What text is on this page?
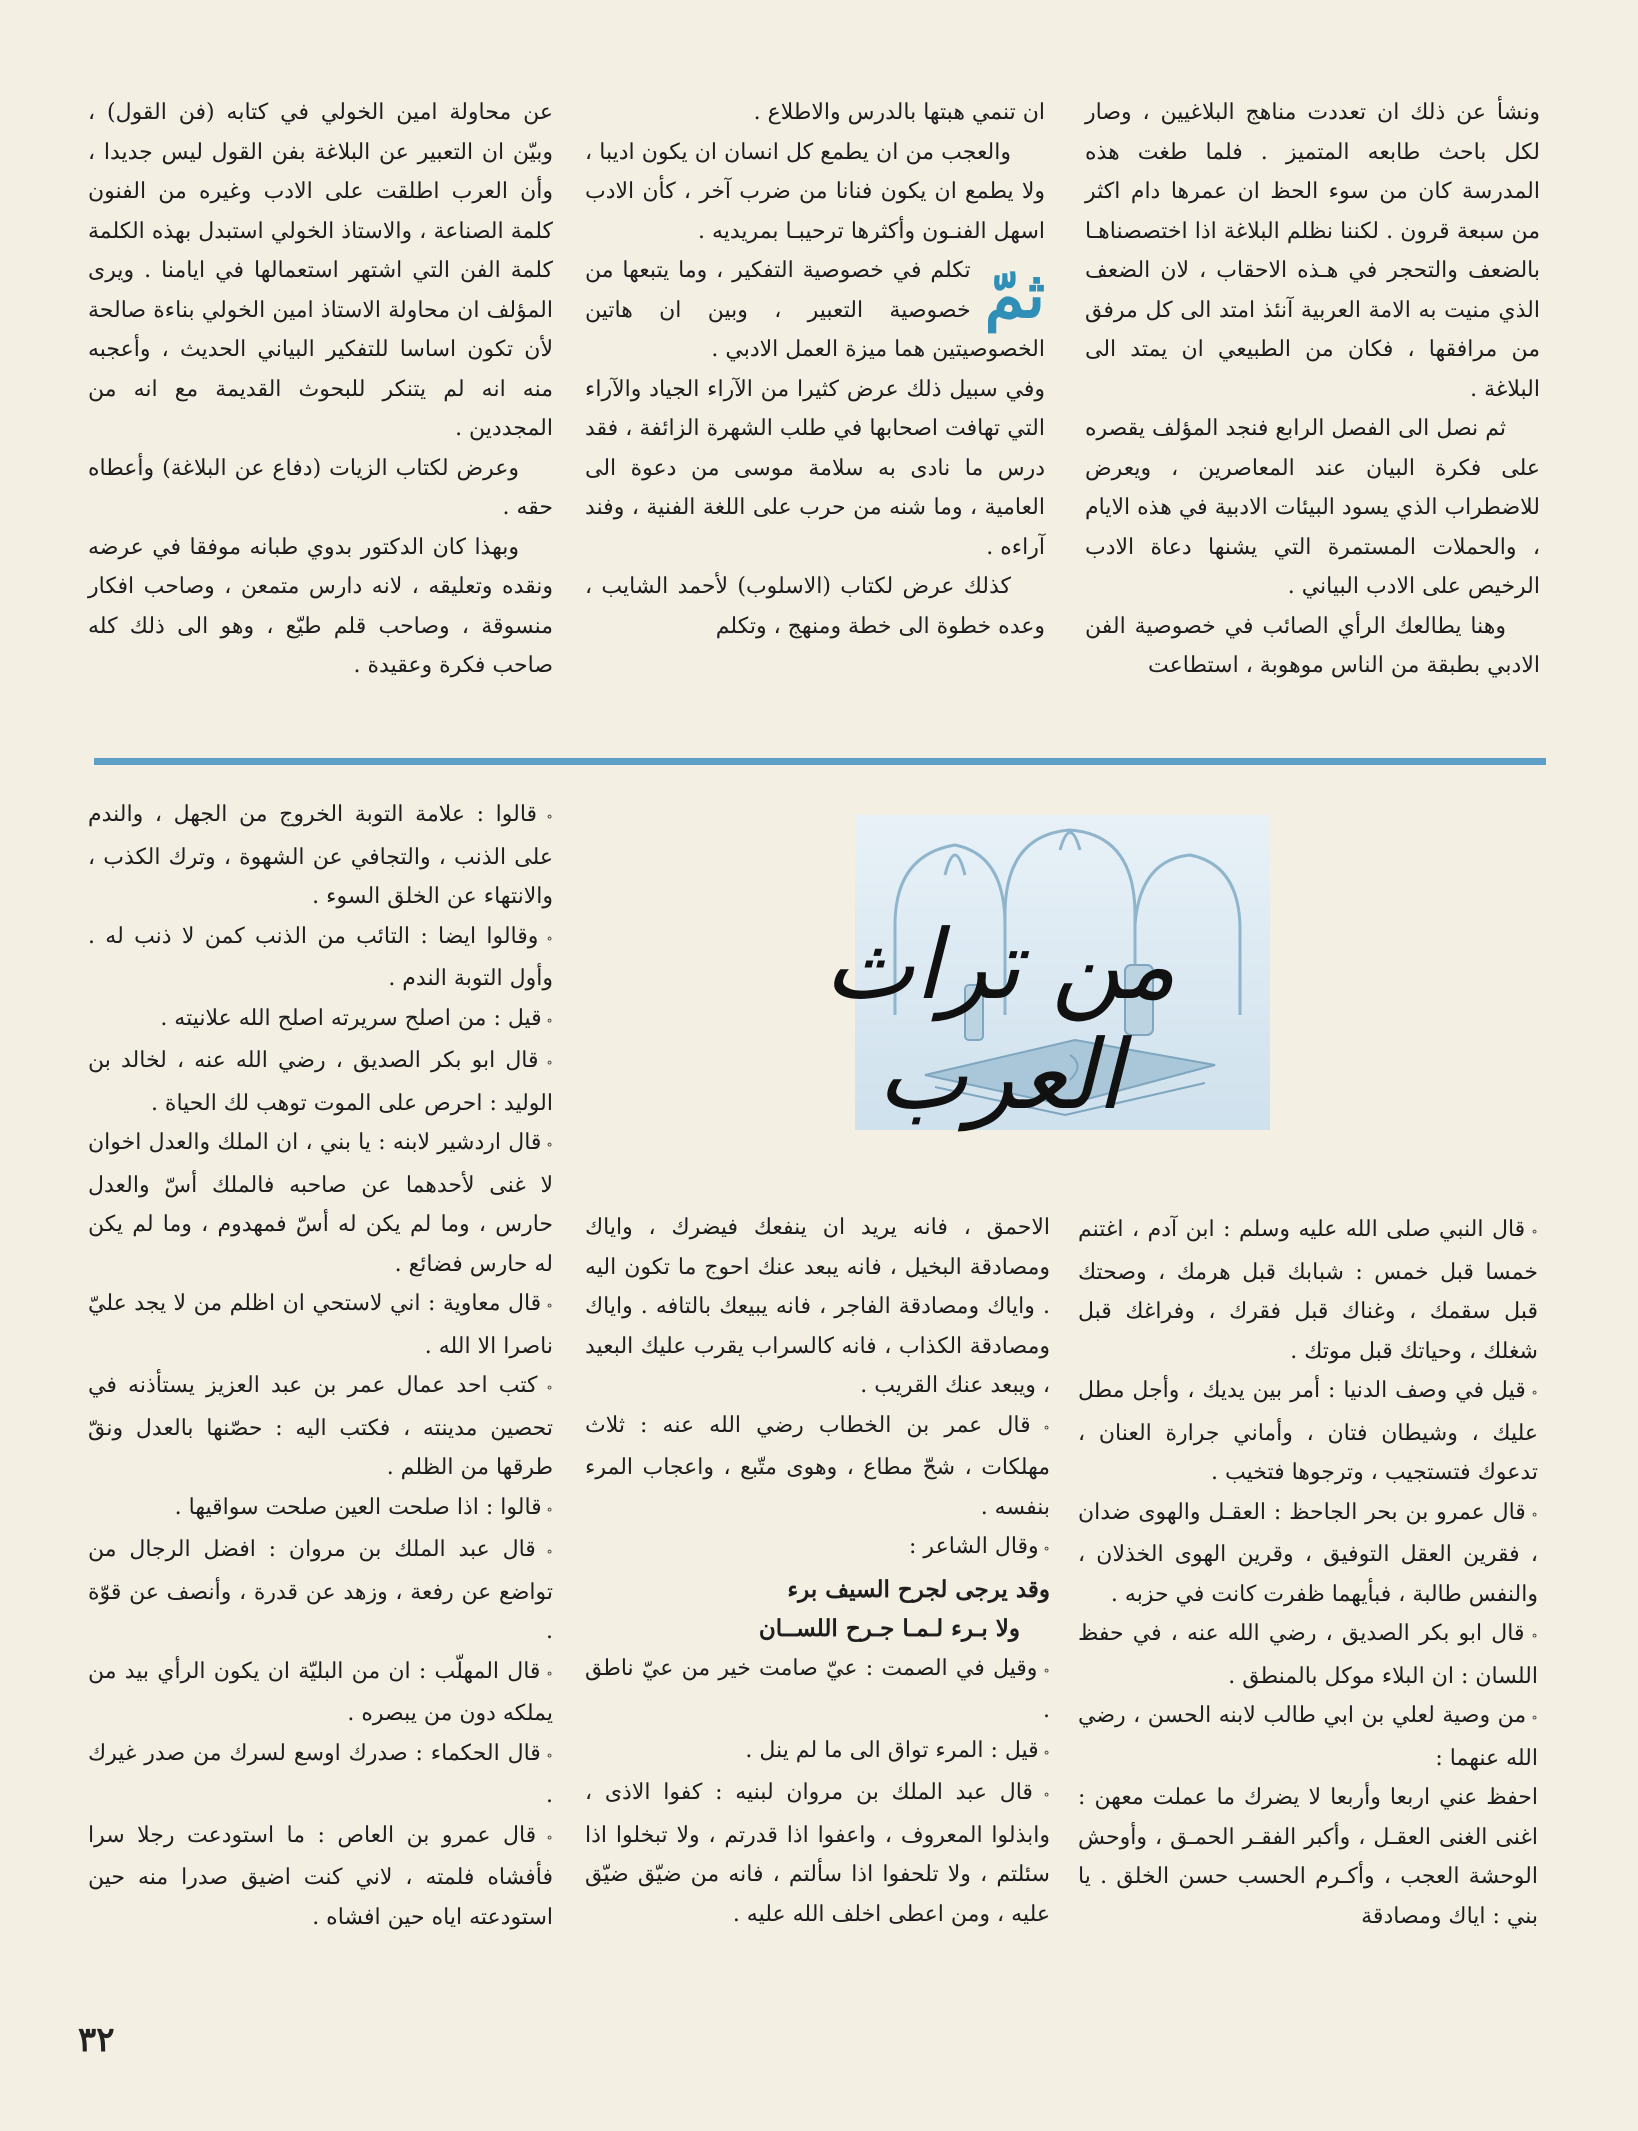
ونشأ عن ذلك ان تعددت مناهج البلاغيين ، وصار لكل باحث طابعه المتميز . فلما طغت هذه المدرسة كان من سوء الحظ ان عمرها دام اكثر من سبعة قرون . لكننا نظلم البلاغة اذا اختصصناهـا بالضعف والتحجر في هـذه الاحقاب ، لان الضعف الذي منيت به الامة العربية آنئذ امتد الى كل مرفق من مرافقها ، فكان من الطبيعي ان يمتد الى البلاغة .

ثم نصل الى الفصل الرابع فنجد المؤلف يقصره على فكرة البيان عند المعاصرين ، ويعرض للاضطراب الذي يسود البيئات الادبية في هذه الايام ، والحملات المستمرة التي يشنها دعاة الادب الرخيص على الادب البياني .

وهنا يطالعك الرأي الصائب في خصوصية الفن الادبي بطبقة من الناس موهوبة ، استطاعت

ان تنمي هبتها بالدرس والاطلاع .

والعجب من ان يطمع كل انسان ان يكون اديبا ، ولا يطمع ان يكون فنانا من ضرب آخر ، كأن الادب اسهل الفنـون وأكثرها ترحيبـا بمريديه .

ثمّ

تكلم في خصوصية التفكير ، وما يتبعها من خصوصية التعبير ، وبين ان هاتين الخصوصيتين هما ميزة العمل الادبي .

وفي سبيل ذلك عرض كثيرا من الآراء الجياد والآراء التي تهافت اصحابها في طلب الشهرة الزائفة ، فقد درس ما نادى به سلامة موسى من دعوة الى العامية ، وما شنه من حرب على اللغة الفنية ، وفند آراءه .

كذلك عرض لكتاب (الاسلوب) لأحمد الشايب ، وعده خطوة الى خطة ومنهج ، وتكلم

عن محاولة امين الخولي في كتابه (فن القول) ، وبيّن ان التعبير عن البلاغة بفن القول ليس جديدا ، وأن العرب اطلقت على الادب وغيره من الفنون كلمة الصناعة ، والاستاذ الخولي استبدل بهذه الكلمة كلمة الفن التي اشتهر استعمالها في ايامنا . ويرى المؤلف ان محاولة الاستاذ امين الخولي بناءة صالحة لأن تكون اساسا للتفكير البياني الحديث ، وأعجبه منه انه لم يتنكر للبحوث القديمة مع انه من المجددين .

وعرض لكتاب الزيات (دفاع عن البلاغة) وأعطاه حقه .

وبهذا كان الدكتور بدوي طبانه موفقا في عرضه ونقده وتعليقه ، لانه دارس متمعن ، وصاحب افكار منسوقة ، وصاحب قلم طيّع ، وهو الى ذلك كله صاحب فكرة وعقيدة .

من تراث العرب

∘ قال النبي صلى الله عليه وسلم : ابن آدم ، اغتنم خمسا قبل خمس : شبابك قبل هرمك ، وصحتك قبل سقمك ، وغناك قبل فقرك ، وفراغك قبل شغلك ، وحياتك قبل موتك .

∘ قيل في وصف الدنيا : أمر بين يديك ، وأجل مطل عليك ، وشيطان فتان ، وأماني جرارة العنان ، تدعوك فتستجيب ، وترجوها فتخيب .

∘ قال عمرو بن بحر الجاحظ : العقـل والهوى ضدان ، فقرين العقل التوفيق ، وقرين الهوى الخذلان ، والنفس طالبة ، فبأيهما ظفرت كانت في حزبه .

∘ قال ابو بكر الصديق ، رضي الله عنه ، في حفظ اللسان : ان البلاء موكل بالمنطق .

∘ من وصية لعلي بن ابي طالب لابنه الحسن ، رضي الله عنهما :

احفظ عني اربعا وأربعا لا يضرك ما عملت معهن : اغنى الغنى العقـل ، وأكبر الفقـر الحمـق ، وأوحش الوحشة العجب ، وأكـرم الحسب حسن الخلق . يا بني : اياك ومصادقة

الاحمق ، فانه يريد ان ينفعك فيضرك ، واياك ومصادقة البخيل ، فانه يبعد عنك احوج ما تكون اليه . واياك ومصادقة الفاجر ، فانه يبيعك بالتافه . واياك ومصادقة الكذاب ، فانه كالسراب يقرب عليك البعيد ، ويبعد عنك القريب .

∘ قال عمر بن الخطاب رضي الله عنه : ثلاث مهلكات ، شحّ مطاع ، وهوى متّبع ، واعجاب المرء بنفسه .

∘ وقال الشاعر :

وقد يرجى لجرح السيف برء

ولا بـرء لـمـا جـرح اللســان

∘ وقيل في الصمت : عيّ صامت خير من عيّ ناطق .

∘ قيل : المرء تواق الى ما لم ينل .

∘ قال عبد الملك بن مروان لبنيه : كفوا الاذى ، وابذلوا المعروف ، واعفوا اذا قدرتم ، ولا تبخلوا اذا سئلتم ، ولا تلحفوا اذا سألتم ، فانه من ضيّق ضيّق عليه ، ومن اعطى اخلف الله عليه .

∘ قالوا : علامة التوبة الخروج من الجهل ، والندم على الذنب ، والتجافي عن الشهوة ، وترك الكذب ، والانتهاء عن الخلق السوء .

∘ وقالوا ايضا : التائب من الذنب كمن لا ذنب له . وأول التوبة الندم .

∘ قيل : من اصلح سريرته اصلح الله علانيته .

∘ قال ابو بكر الصديق ، رضي الله عنه ، لخالد بن الوليد : احرص على الموت توهب لك الحياة .

∘ قال اردشير لابنه : يا بني ، ان الملك والعدل اخوان لا غنى لأحدهما عن صاحبه فالملك أسّ والعدل حارس ، وما لم يكن له أسّ فمهدوم ، وما لم يكن له حارس فضائع .

∘ قال معاوية : اني لاستحي ان اظلم من لا يجد عليّ ناصرا الا الله .

∘ كتب احد عمال عمر بن عبد العزيز يستأذنه في تحصين مدينته ، فكتب اليه : حصّنها بالعدل ونقّ طرقها من الظلم .

∘ قالوا : اذا صلحت العين صلحت سواقيها .

∘ قال عبد الملك بن مروان : افضل الرجال من تواضع عن رفعة ، وزهد عن قدرة ، وأنصف عن قوّة .

∘ قال المهلّب : ان من البليّة ان يكون الرأي بيد من يملكه دون من يبصره .

∘ قال الحكماء : صدرك اوسع لسرك من صدر غيرك .

∘ قال عمرو بن العاص : ما استودعت رجلا سرا فأفشاه فلمته ، لاني كنت اضيق صدرا منه حين استودعته اياه حين افشاه .

٣٢
